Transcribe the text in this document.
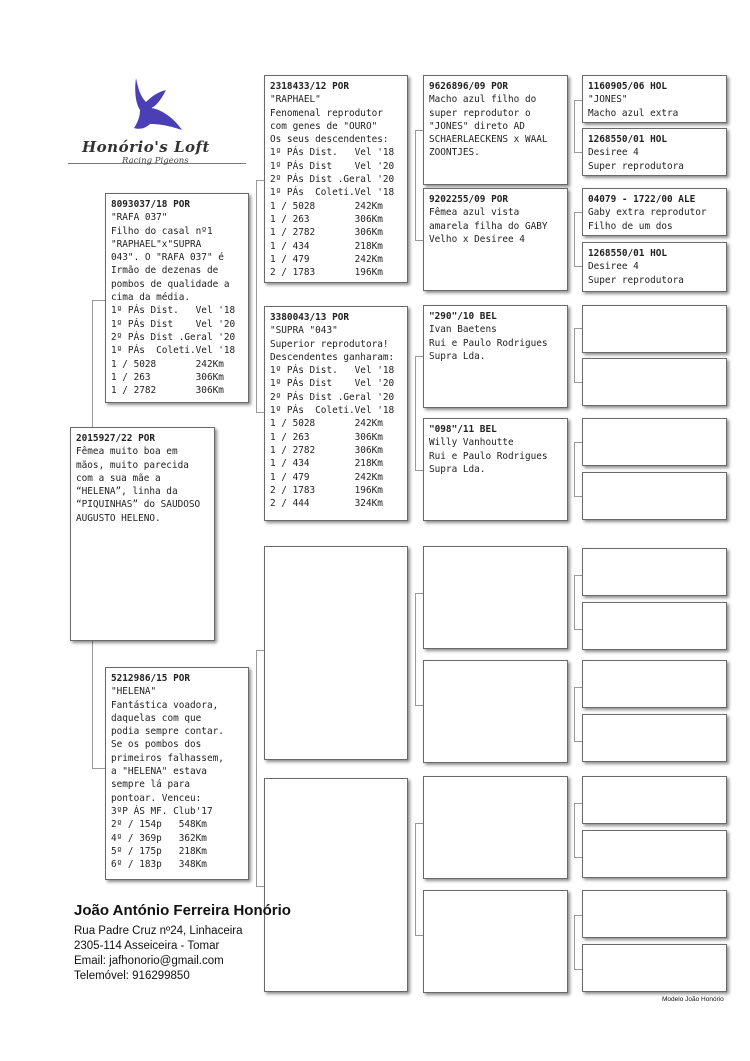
Honório's Loft
Racing Pigeons
2015927/22 POR
Fêmea muito boa em mãos, muito parecida com a sua mãe a “HELENA”, linha da “PIQUINHAS” do SAUDOSO AUGUSTO HELENO.
8093037/18 POR
"RAFA 037"
Filho do casal nº1
"RAPHAEL"x"SUPRA
043". O "RAFA 037" é
Irmão de dezenas de
pombos de qualidade a
cima da média.
1º PÁs Dist.   Vel '18
1º PÁs Dist    Vel '20
2º PÁs Dist .Geral '20
1º PÁs  Coleti.Vel '18
1 / 5028       242Km
1 / 263        306Km
1 / 2782       306Km
5212986/15 POR
"HELENA"
Fantástica voadora,
daquelas com que
podia sempre contar.
Se os pombos dos
primeiros falhassem,
a "HELENA" estava
sempre lá para
pontoar. Venceu:
3ºP ÁS MF. Club'17
2º / 154p   548Km
4º / 369p   362Km
5º / 175p   218Km
6º / 183p   348Km
2318433/12 POR
"RAPHAEL"
Fenomenal reprodutor
com genes de "OURO"
Os seus descendentes:
1º PÁs Dist.   Vel '18
1º PÁs Dist    Vel '20
2º PÁs Dist .Geral '20
1º PÁs  Coleti.Vel '18
1 / 5028       242Km
1 / 263        306Km
1 / 2782       306Km
1 / 434        218Km
1 / 479        242Km
2 / 1783       196Km
3380043/13 POR
"SUPRA "043"
Superior reprodutora!
Descendentes ganharam:
1º PÁs Dist.   Vel '18
1º PÁs Dist    Vel '20
2º PÁs Dist .Geral '20
1º PÁs  Coleti.Vel '18
1 / 5028       242Km
1 / 263        306Km
1 / 2782       306Km
1 / 434        218Km
1 / 479        242Km
2 / 1783       196Km
2 / 444        324Km
9626896/09 POR
Macho azul filho do
super reprodutor o
"JONES" direto AD
SCHAERLAECKENS x WAAL
ZOONTJES.
9202255/09 POR
Fêmea azul vista
amarela filha do GABY
Velho x Desiree 4
"290"/10 BEL
Ivan Baetens
Rui e Paulo Rodrigues
Supra Lda.
"098"/11 BEL
Willy Vanhoutte
Rui e Paulo Rodrigues
Supra Lda.
1160905/06 HOL
"JONES"
Macho azul extra
1268550/01 HOL
Desiree 4
Super reprodutora
04079 - 1722/00 ALE
Gaby extra reprodutor
Filho de um dos
1268550/01 HOL
Desiree 4
Super reprodutora
João António Ferreira Honório
Rua Padre Cruz nº24, Linhaceira
2305-114 Asseiceira - Tomar
Email: jafhonorio@gmail.com
Telemóvel: 916299850
Modelo João Honório
